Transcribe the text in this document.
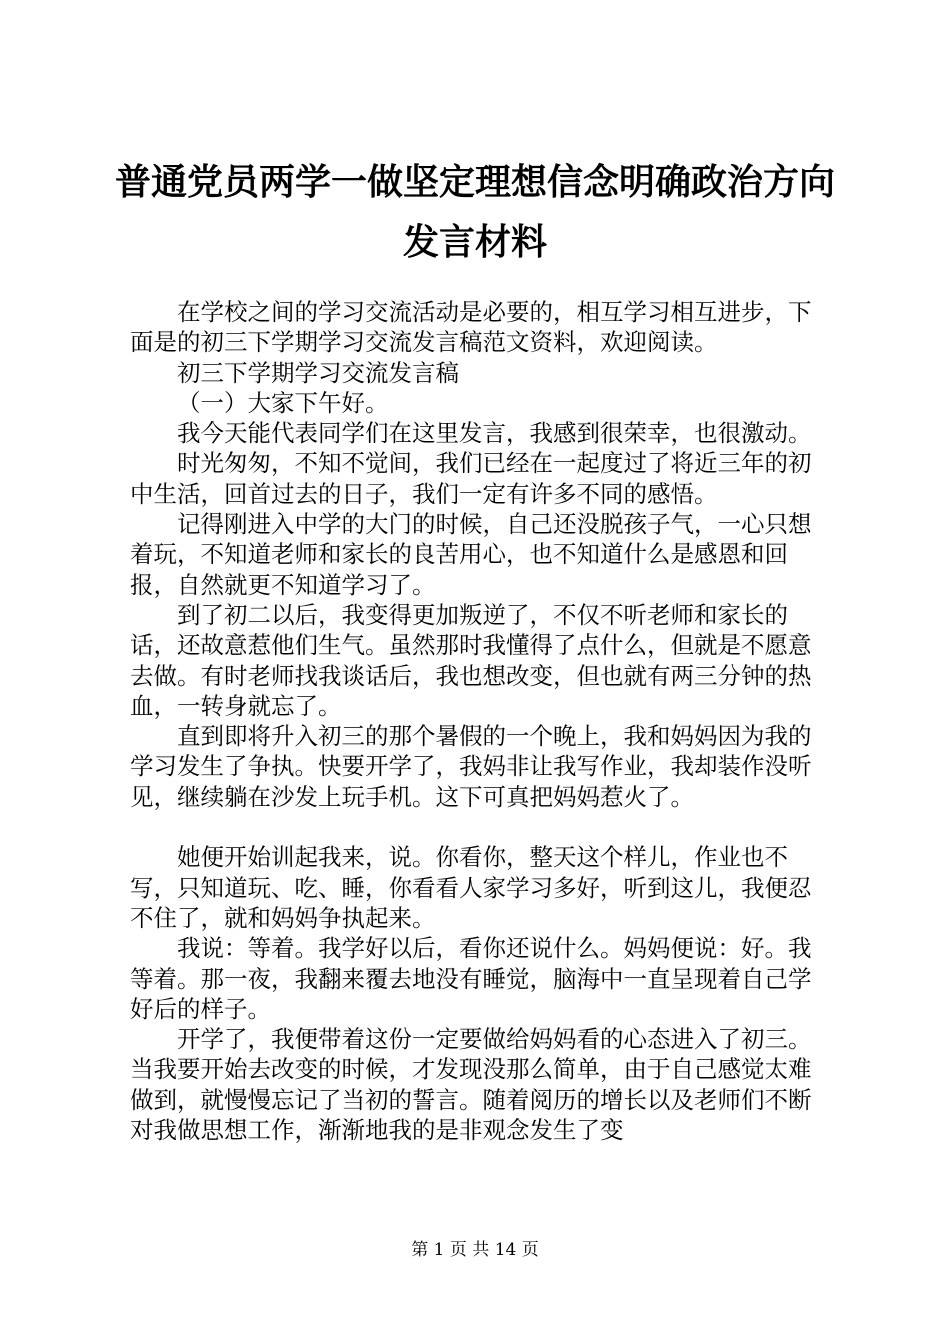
普通党员两学一做坚定理想信念明确政治方向
发言材料

在学校之间的学习交流活动是必要的，相互学习相互进步，下面是的初三下学期学习交流发言稿范文资料，欢迎阅读。

初三下学期学习交流发言稿

（一）大家下午好。

我今天能代表同学们在这里发言，我感到很荣幸，也很激动。

时光匆匆，不知不觉间，我们已经在一起度过了将近三年的初中生活，回首过去的日子，我们一定有许多不同的感悟。

记得刚进入中学的大门的时候，自己还没脱孩子气，一心只想着玩，不知道老师和家长的良苦用心，也不知道什么是感恩和回报，自然就更不知道学习了。

到了初二以后，我变得更加叛逆了，不仅不听老师和家长的话，还故意惹他们生气。虽然那时我懂得了点什么，但就是不愿意去做。有时老师找我谈话后，我也想改变，但也就有两三分钟的热血，一转身就忘了。

直到即将升入初三的那个暑假的一个晚上，我和妈妈因为我的学习发生了争执。快要开学了，我妈非让我写作业，我却装作没听见，继续躺在沙发上玩手机。这下可真把妈妈惹火了。

她便开始训起我来，说。你看你，整天这个样儿，作业也不写，只知道玩、吃、睡，你看看人家学习多好，听到这儿，我便忍不住了，就和妈妈争执起来。

我说：等着。我学好以后，看你还说什么。妈妈便说：好。我等着。那一夜，我翻来覆去地没有睡觉，脑海中一直呈现着自己学好后的样子。

开学了，我便带着这份一定要做给妈妈看的心态进入了初三。当我要开始去改变的时候，才发现没那么简单，由于自己感觉太难做到，就慢慢忘记了当初的誓言。随着阅历的增长以及老师们不断对我做思想工作，渐渐地我的是非观念发生了变

第 1 页 共 14 页
